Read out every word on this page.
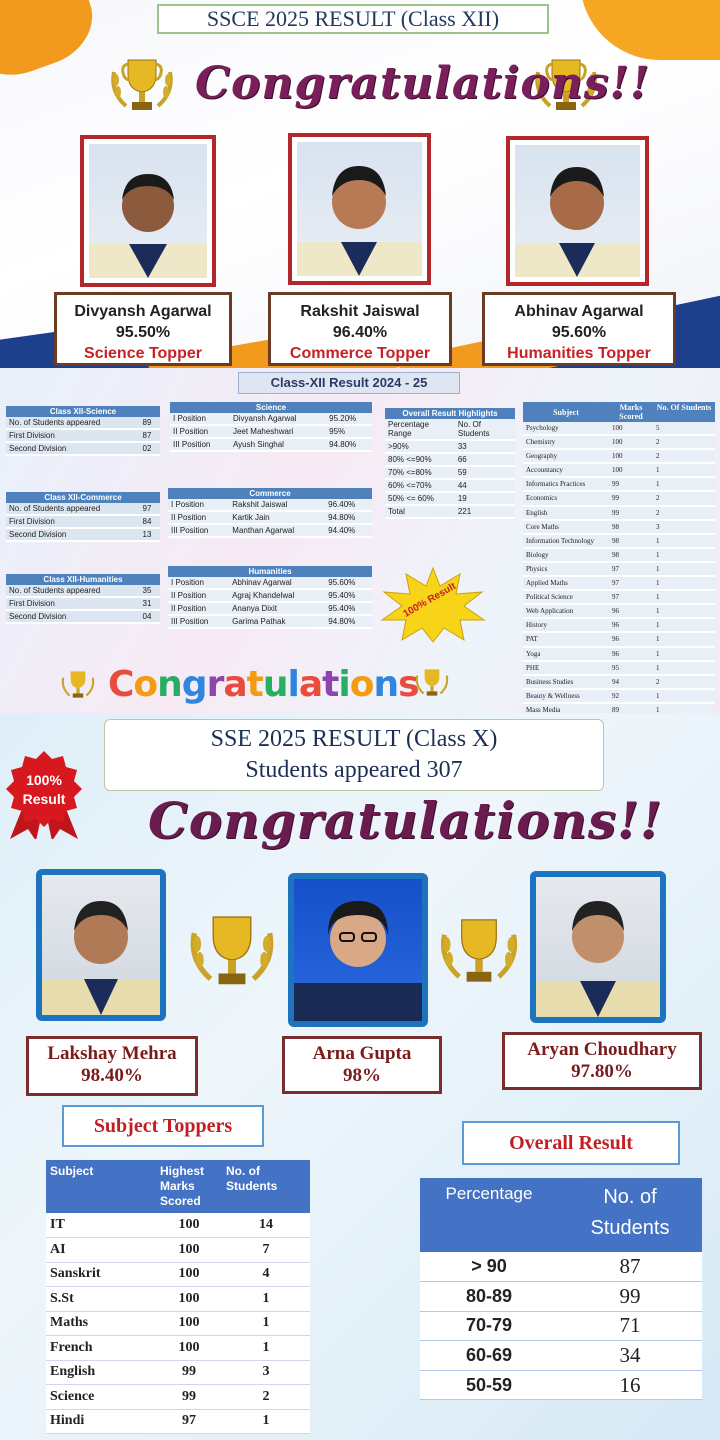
SSCE 2025 RESULT (Class XII)
Congratulations!!
Divyansh Agarwal
95.50%
Science Topper
Rakshit Jaiswal
96.40%
Commerce Topper
Abhinav Agarwal
95.60%
Humanities Topper
Class-XII Result 2024 - 25
Class XII-Science	
No. of Students appeared	89
First Division	87
Second Division	02
Class XII-Commerce	
No. of Students appeared	97
First Division	84
Second Division	13
Class XII-Humanities	
No. of Students appeared	35
First Division	31
Second Division	04
Science		
I Position	Divyansh Agarwal	95.20%
II Position	Jeet Maheshwari	95%
III Position	Ayush Singhal	94.80%
Commerce		
I Position	Rakshit Jaiswal	96.40%
II Position	Kartik Jain	94.80%
III Position	Manthan Agarwal	94.40%
Humanities		
I Position	Abhinav Agarwal	95.60%
II Position	Agraj Khandelwal	95.40%
II Position	Ananya Dixit	95.40%
III Position	Garima Pathak	94.80%
Overall Result Highlights	
Percentage Range	No. Of Students
>90%	33
80% <=90%	66
70% <=80%	59
60% <=70%	44
50% <= 60%	19
Total	221
100% Result
Subject	Marks Scored	No. Of Students
Psychology	100	5
Chemistry	100	2
Geography	100	2
Accountancy	100	1
Informatics Practices	99	1
Economics	99	2
English	99	2
Core Maths	98	3
Information Technology	98	1
Biology	98	1
Physics	97	1
Applied Maths	97	1
Political Science	97	1
Web Application	96	1
History	96	1
PAT	96	1
Yoga	96	1
PHE	95	1
Business Studies	94	2
Beauty & Wellness	92	1
Mass Media	89	1
Congratulations
SSE 2025 RESULT (Class X)
Students appeared 307
100%
Result Congratulations!!
Lakshay Mehra
98.40%
Arna Gupta
98%
Aryan Choudhary
97.80%
Subject Toppers
Overall Result
Subject	Highest Marks Scored	No. of Students
IT	100	14
AI	100	7
Sanskrit	100	4
S.St	100	1
Maths	100	1
French	100	1
English	99	3
Science	99	2
Hindi	97	1
Percentage	No. of Students
> 90	87
80-89	99
70-79	71
60-69	34
50-59	16
